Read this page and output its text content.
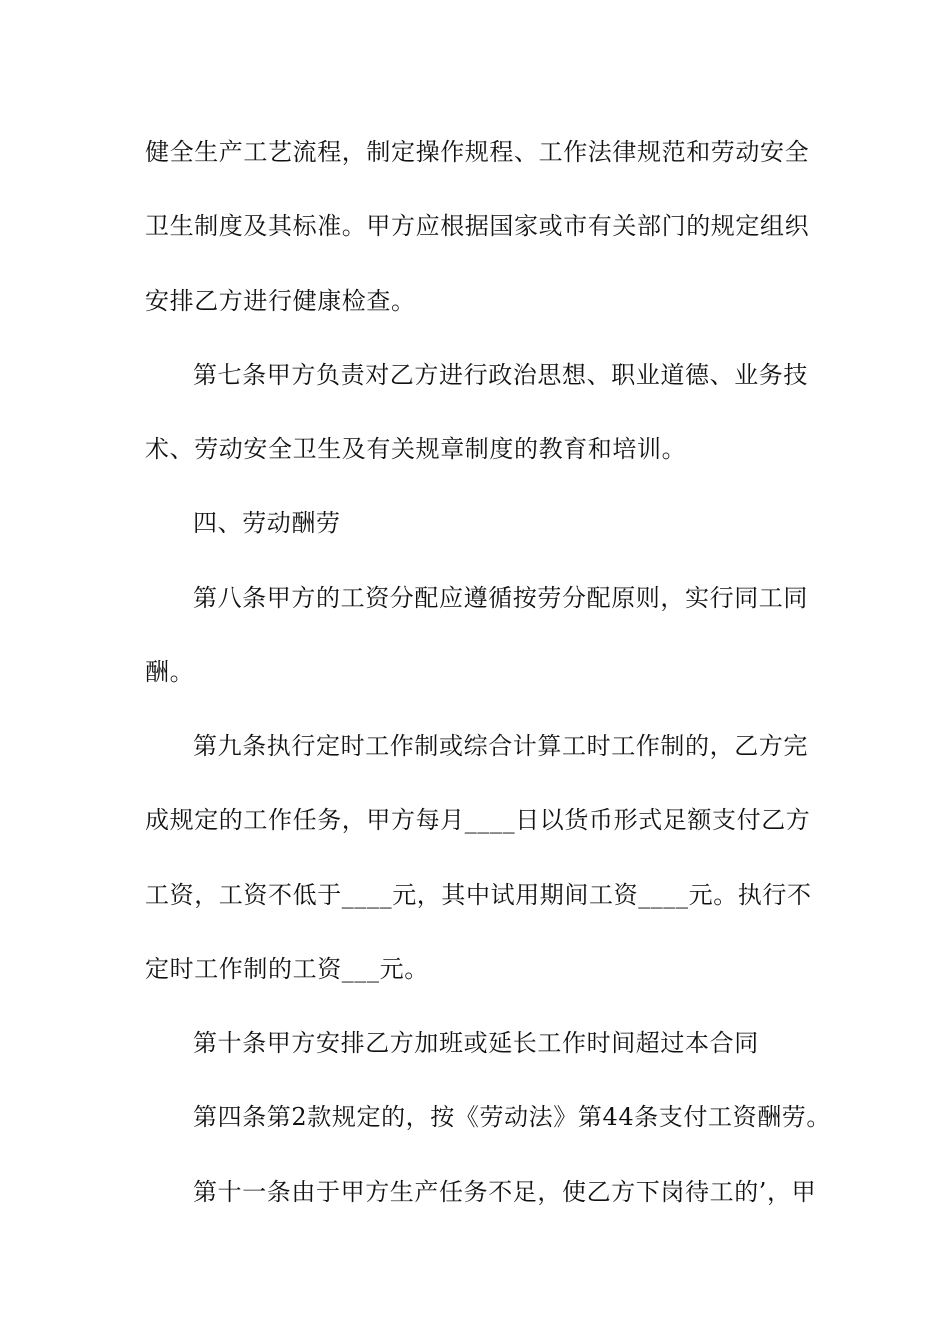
健全生产工艺流程，制定操作规程、工作法律规范和劳动安全
卫生制度及其标准。甲方应根据国家或市有关部门的规定组织
安排乙方进行健康检查。
第七条甲方负责对乙方进行政治思想、职业道德、业务技
术、劳动安全卫生及有关规章制度的教育和培训。
四、劳动酬劳
第八条甲方的工资分配应遵循按劳分配原则，实行同工同
酬。
第九条执行定时工作制或综合计算工时工作制的，乙方完
成规定的工作任务，甲方每月____日以货币形式足额支付乙方
工资，工资不低于____元，其中试用期间工资____元。执行不
定时工作制的工资___元。
第十条甲方安排乙方加班或延长工作时间超过本合同
第四条第2款规定的，按《劳动法》第44条支付工资酬劳。
第十一条由于甲方生产任务不足，使乙方下岗待工的’，甲
